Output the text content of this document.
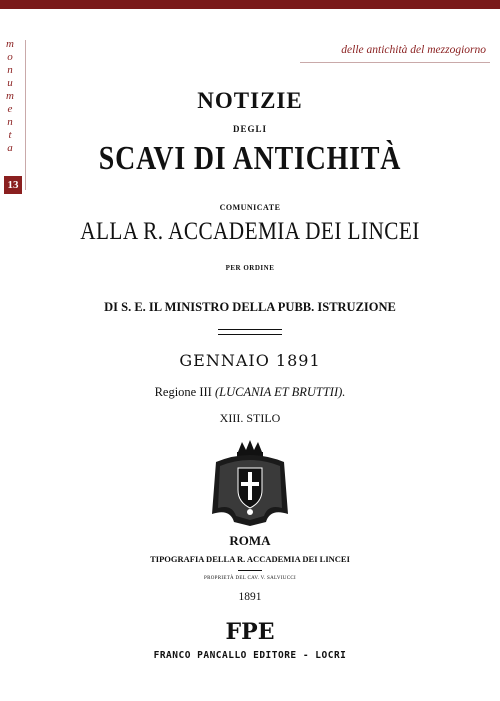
m
o
n
u
m
e
n
t
a
13
delle antichità del mezzogiorno
NOTIZIE
DEGLI
SCAVI DI ANTICHITÀ
COMUNICATE
ALLA R. ACCADEMIA DEI LINCEI
PER ORDINE
DI S. E. IL MINISTRO DELLA PUBB. ISTRUZIONE
GENNAIO 1891
Regione III (LUCANIA ET BRUTTII).
XIII. STILO
ROMA
TIPOGRAFIA DELLA R. ACCADEMIA DEI LINCEI
PROPRIETÀ DEL CAV. V. SALVIUCCI
1891
FPE
FRANCO PANCALLO EDITORE - LOCRI
